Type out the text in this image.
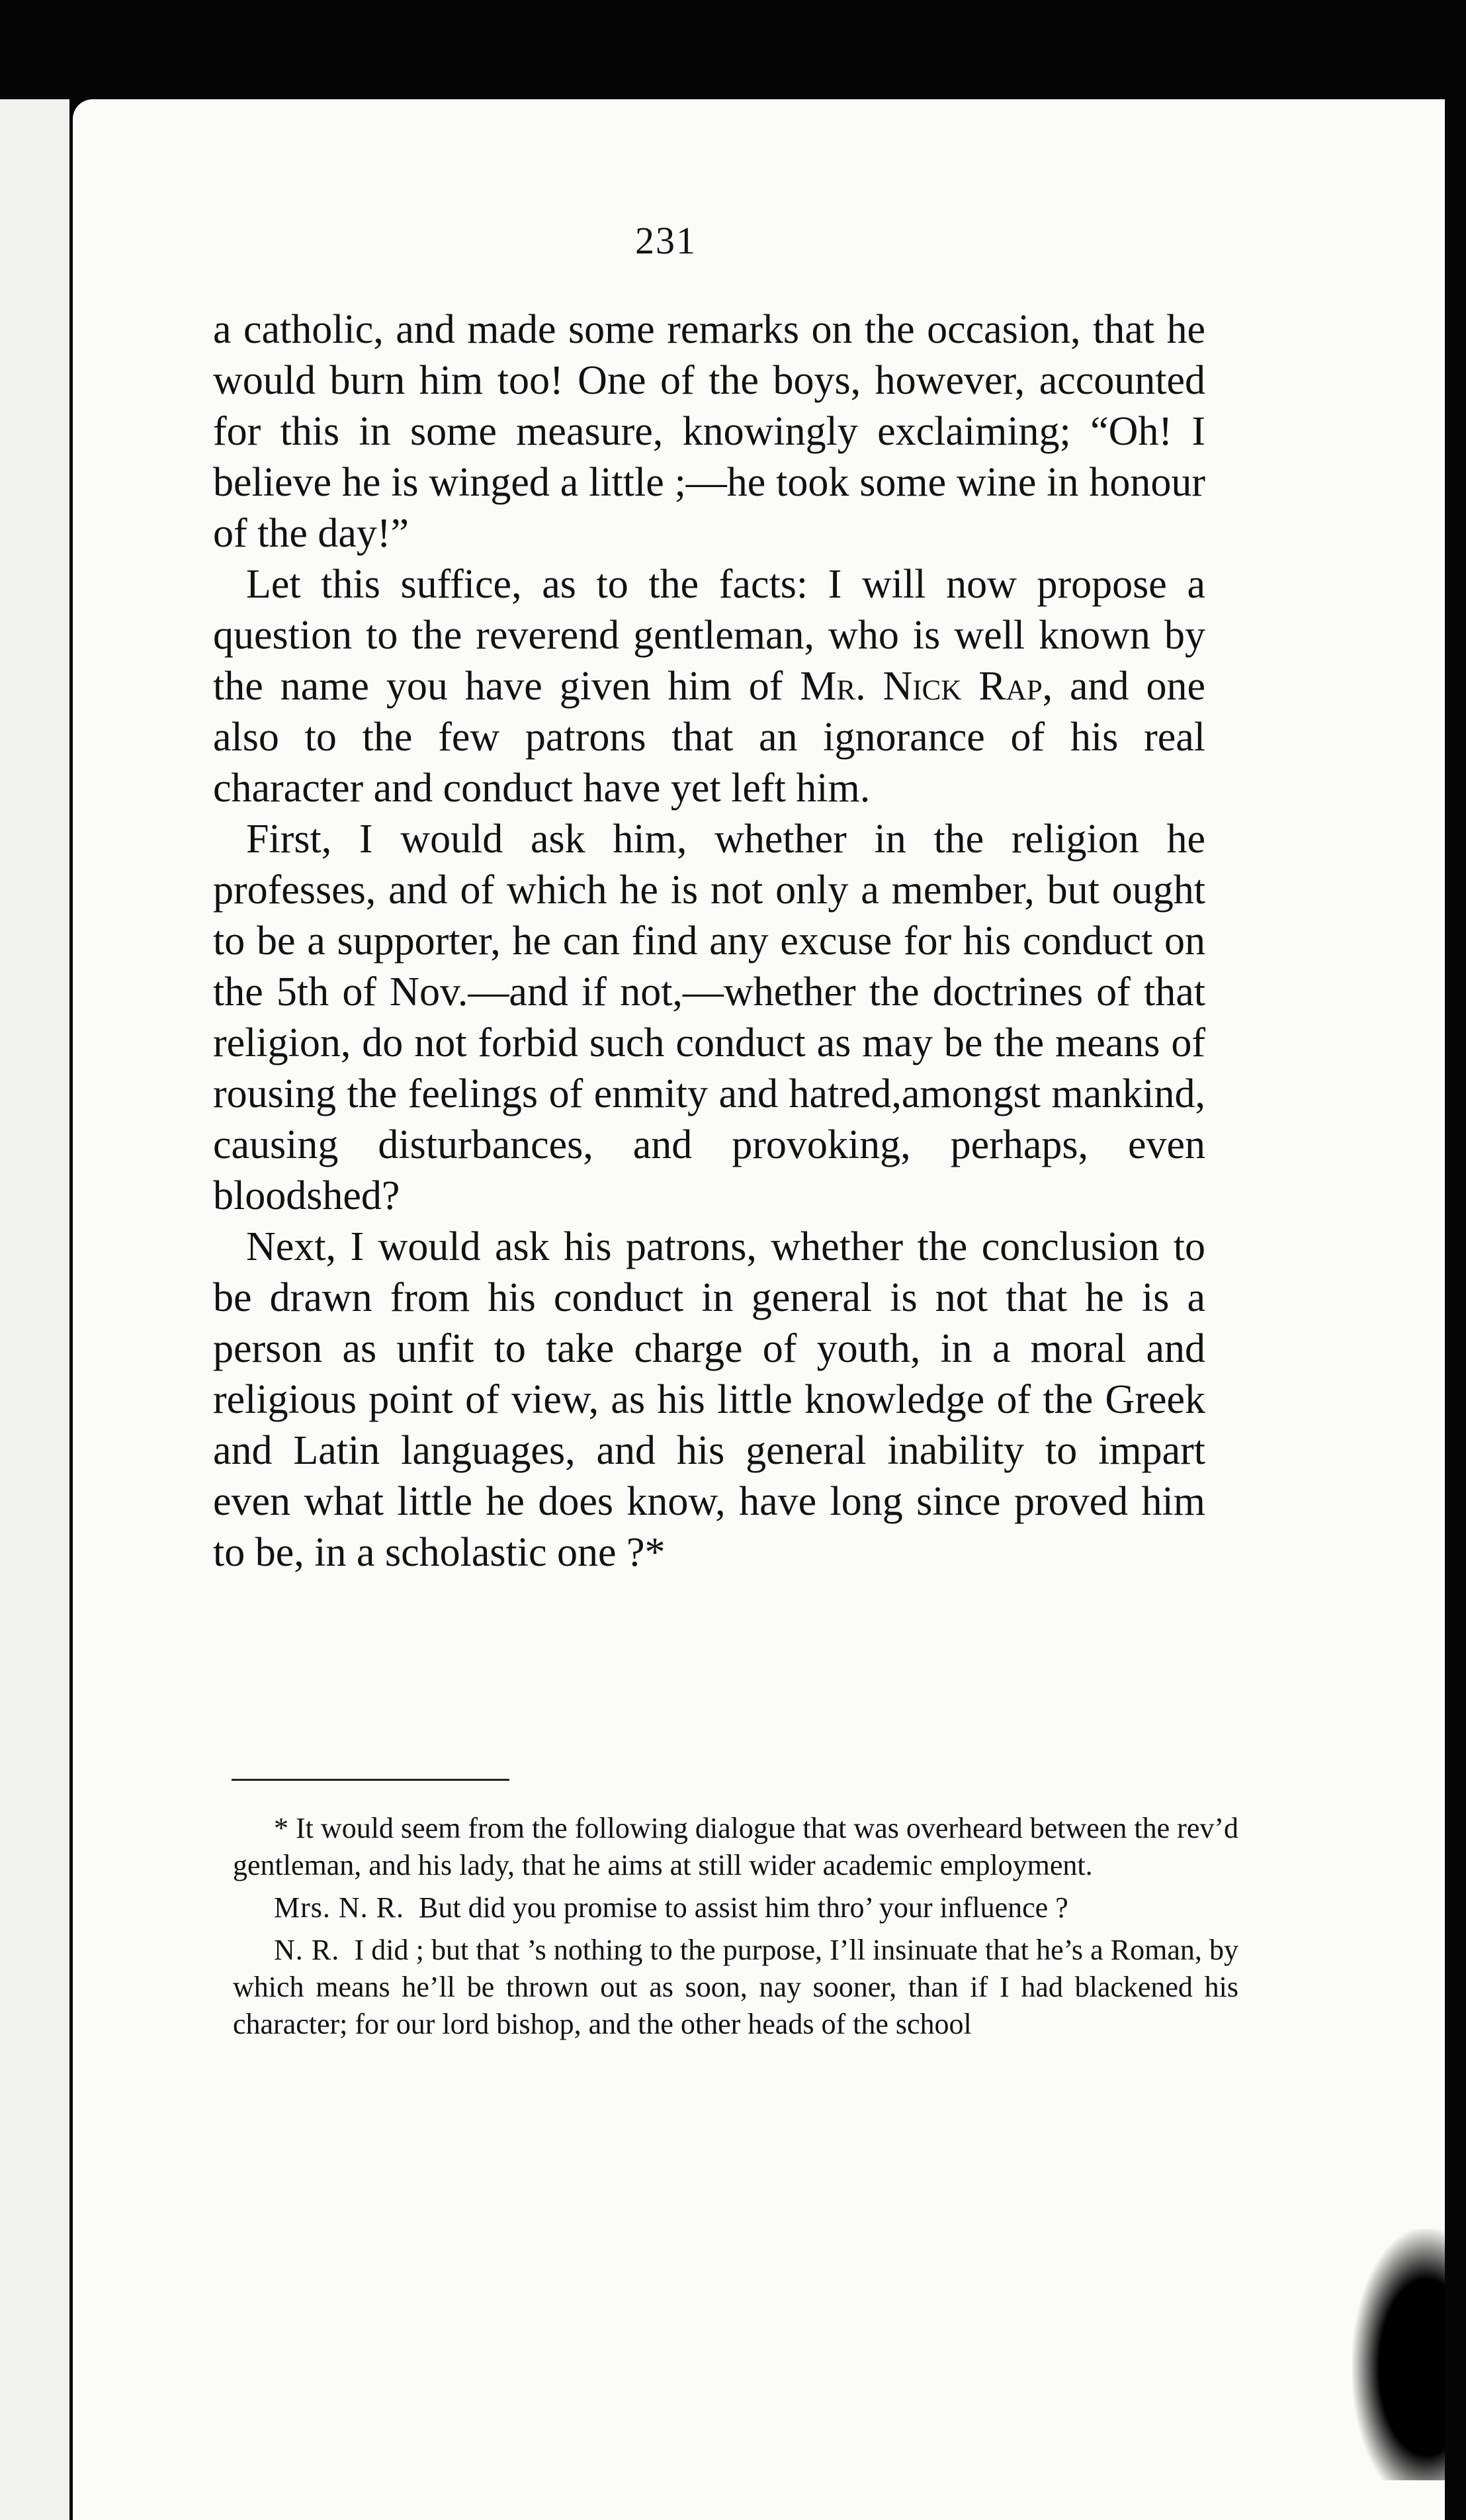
231

a catholic, and made some remarks on the occasion, that he would burn him too! One of the boys, however, accounted for this in some measure, knowingly exclaiming; “Oh! I believe he is winged a little ;—he took some wine in honour of the day!”

Let this suffice, as to the facts: I will now propose a question to the reverend gentleman, who is well known by the name you have given him of Mr. Nick Rap, and one also to the few patrons that an ignorance of his real character and conduct have yet left him.

First, I would ask him, whether in the religion he professes, and of which he is not only a member, but ought to be a supporter, he can find any excuse for his conduct on the 5th of Nov.—and if not,—whether the doctrines of that religion, do not forbid such conduct as may be the means of rousing the feelings of enmity and hatred,amongst mankind, causing disturbances, and provoking, perhaps, even bloodshed?

Next, I would ask his patrons, whether the conclusion to be drawn from his conduct in general is not that he is a person as unfit to take charge of youth, in a moral and religious point of view, as his little knowledge of the Greek and Latin languages, and his general inability to impart even what little he does know, have long since proved him to be, in a scholastic one ?*

* It would seem from the following dialogue that was overheard between the rev’d gentleman, and his lady, that he aims at still wider academic employment.

Mrs. N. R. But did you promise to assist him thro’ your influence ?

N. R. I did ; but that ’s nothing to the purpose, I’ll insinuate that he’s a Roman, by which means he’ll be thrown out as soon, nay sooner, than if I had blackened his character; for our lord bishop, and the other heads of the school
